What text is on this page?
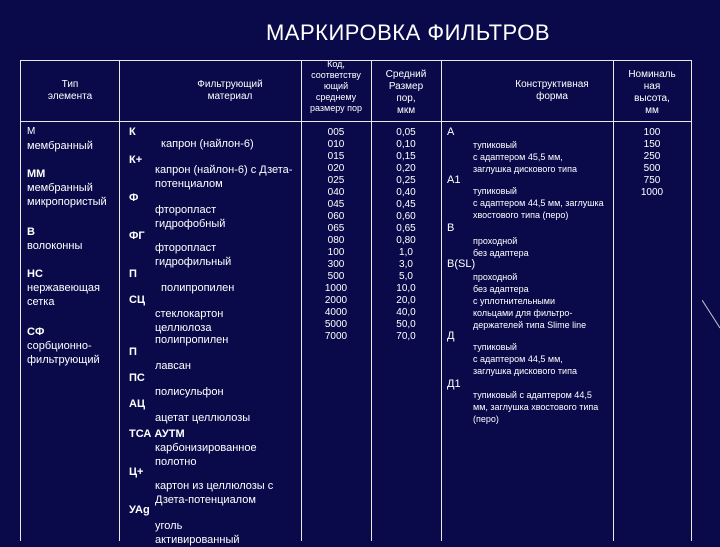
МАРКИРОВКА ФИЛЬТРОВ
Тип
элемента
Фильтрующий
материал
Код,
соответству
ющий
среднему
размеру пор
Средний
Размер
пор,
мкм
Конструктивная
форма
Номиналь
ная
высота,
мм
М
мембранный
ММ
мембранный микропористый
В
волоконны
НС
нержавеющая сетка
СФ
сорбционно-фильтрующий
К
К+
Ф
ФГ
П
СЦ
П
ПС
АЦ
ТСА АУТМ
Ц+
УАg
капрон (найлон-6)
капрон (найлон-6) с Дзета-потенциалом
фторопласт гидрофобный
фторопласт гидрофильный
полипропилен
стеклокартон целлюлоза
полипропилен
лавсан
полисульфон
ацетат целлюлозы
карбонизированное полотно
картон из целлюлозы с Дзета-потенциалом
уголь активированный
005
010
015
020
025
040
045
060
065
080
100
300
500
1000
2000
4000
5000
7000
0,05
0,10
0,15
0,20
0,25
0,40
0,45
0,60
0,65
0,80
1,0
3,0
5,0
10,0
20,0
40,0
50,0
70,0
А
тупиковый
с адаптером 45,5 мм,
заглушка дискового типа
А1
тупиковый
с адаптером 44,5 мм, заглушка
хвостового типа (перо)
В
проходной
без адаптера
В(SL)
проходной
без адаптера
с уплотнительными
кольцами для фильтро-
держателей типа Slime line
Д
тупиковый
с адаптером 44,5 мм,
заглушка дискового типа
Д1
тупиковый с адаптером 44,5
мм, заглушка хвостового типа
(перо)
100
150
250
500
750
1000
